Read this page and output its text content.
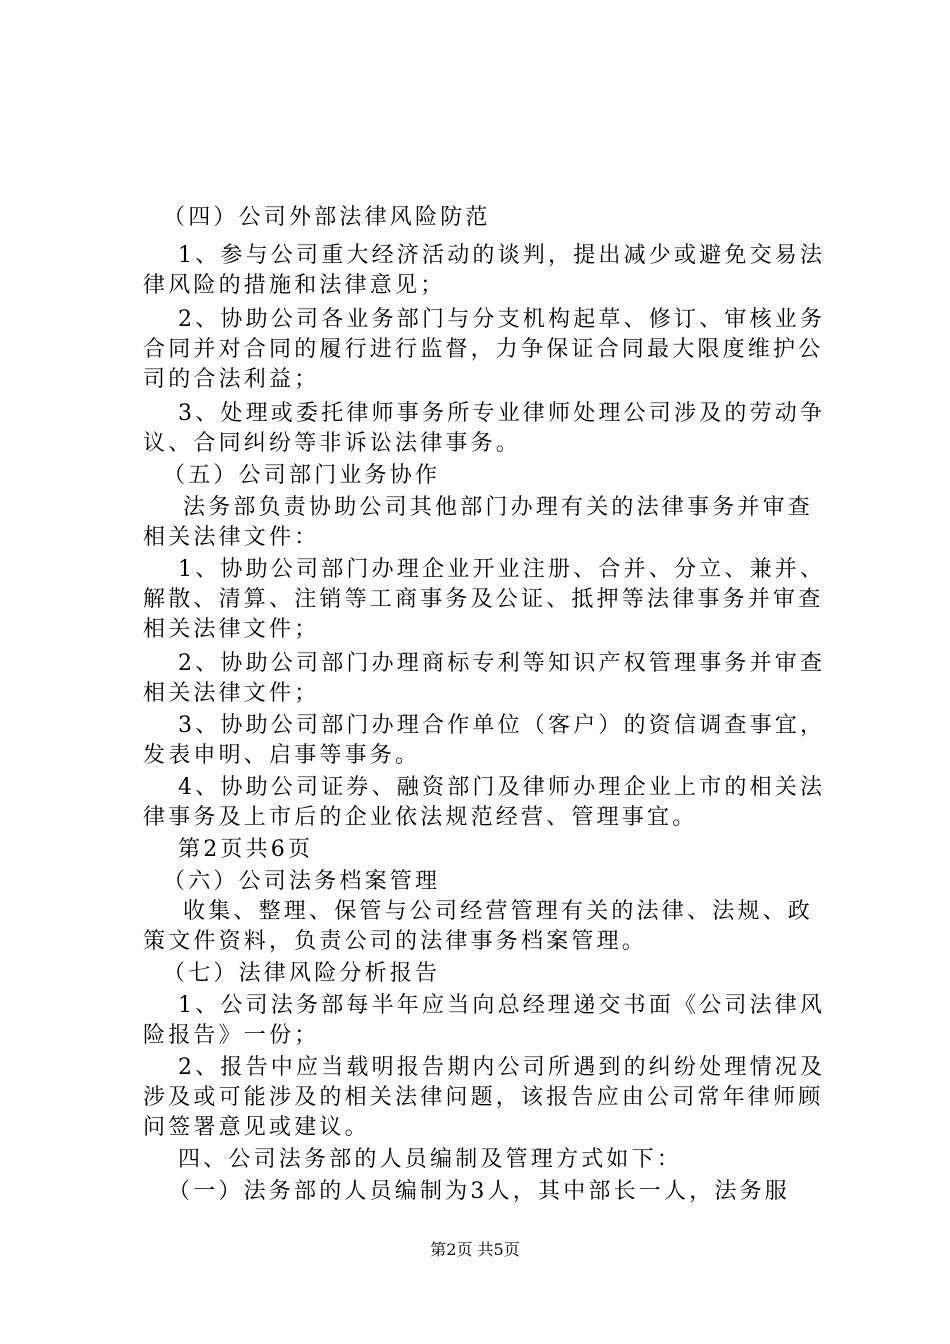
（四）公司外部法律风险防范
1、参与公司重大经济活动的谈判，提出减少或避免交易法
律风险的措施和法律意见；
2、协助公司各业务部门与分支机构起草、修订、审核业务
合同并对合同的履行进行监督，力争保证合同最大限度维护公
司的合法利益；
3、处理或委托律师事务所专业律师处理公司涉及的劳动争
议、合同纠纷等非诉讼法律事务。
（五）公司部门业务协作
法务部负责协助公司其他部门办理有关的法律事务并审查
相关法律文件：
1、协助公司部门办理企业开业注册、合并、分立、兼并、
解散、清算、注销等工商事务及公证、抵押等法律事务并审查
相关法律文件；
2、协助公司部门办理商标专利等知识产权管理事务并审查
相关法律文件；
3、协助公司部门办理合作单位（客户）的资信调查事宜，
发表申明、启事等事务。
4、协助公司证券、融资部门及律师办理企业上市的相关法
律事务及上市后的企业依法规范经营、管理事宜。
第2页共6页
（六）公司法务档案管理
收集、整理、保管与公司经营管理有关的法律、法规、政
策文件资料，负责公司的法律事务档案管理。
（七）法律风险分析报告
1、公司法务部每半年应当向总经理递交书面《公司法律风
险报告》一份；
2、报告中应当载明报告期内公司所遇到的纠纷处理情况及
涉及或可能涉及的相关法律问题，该报告应由公司常年律师顾
问签署意见或建议。
四、公司法务部的人员编制及管理方式如下：
（一）法务部的人员编制为3人，其中部长一人，法务服
第2页 共5页
